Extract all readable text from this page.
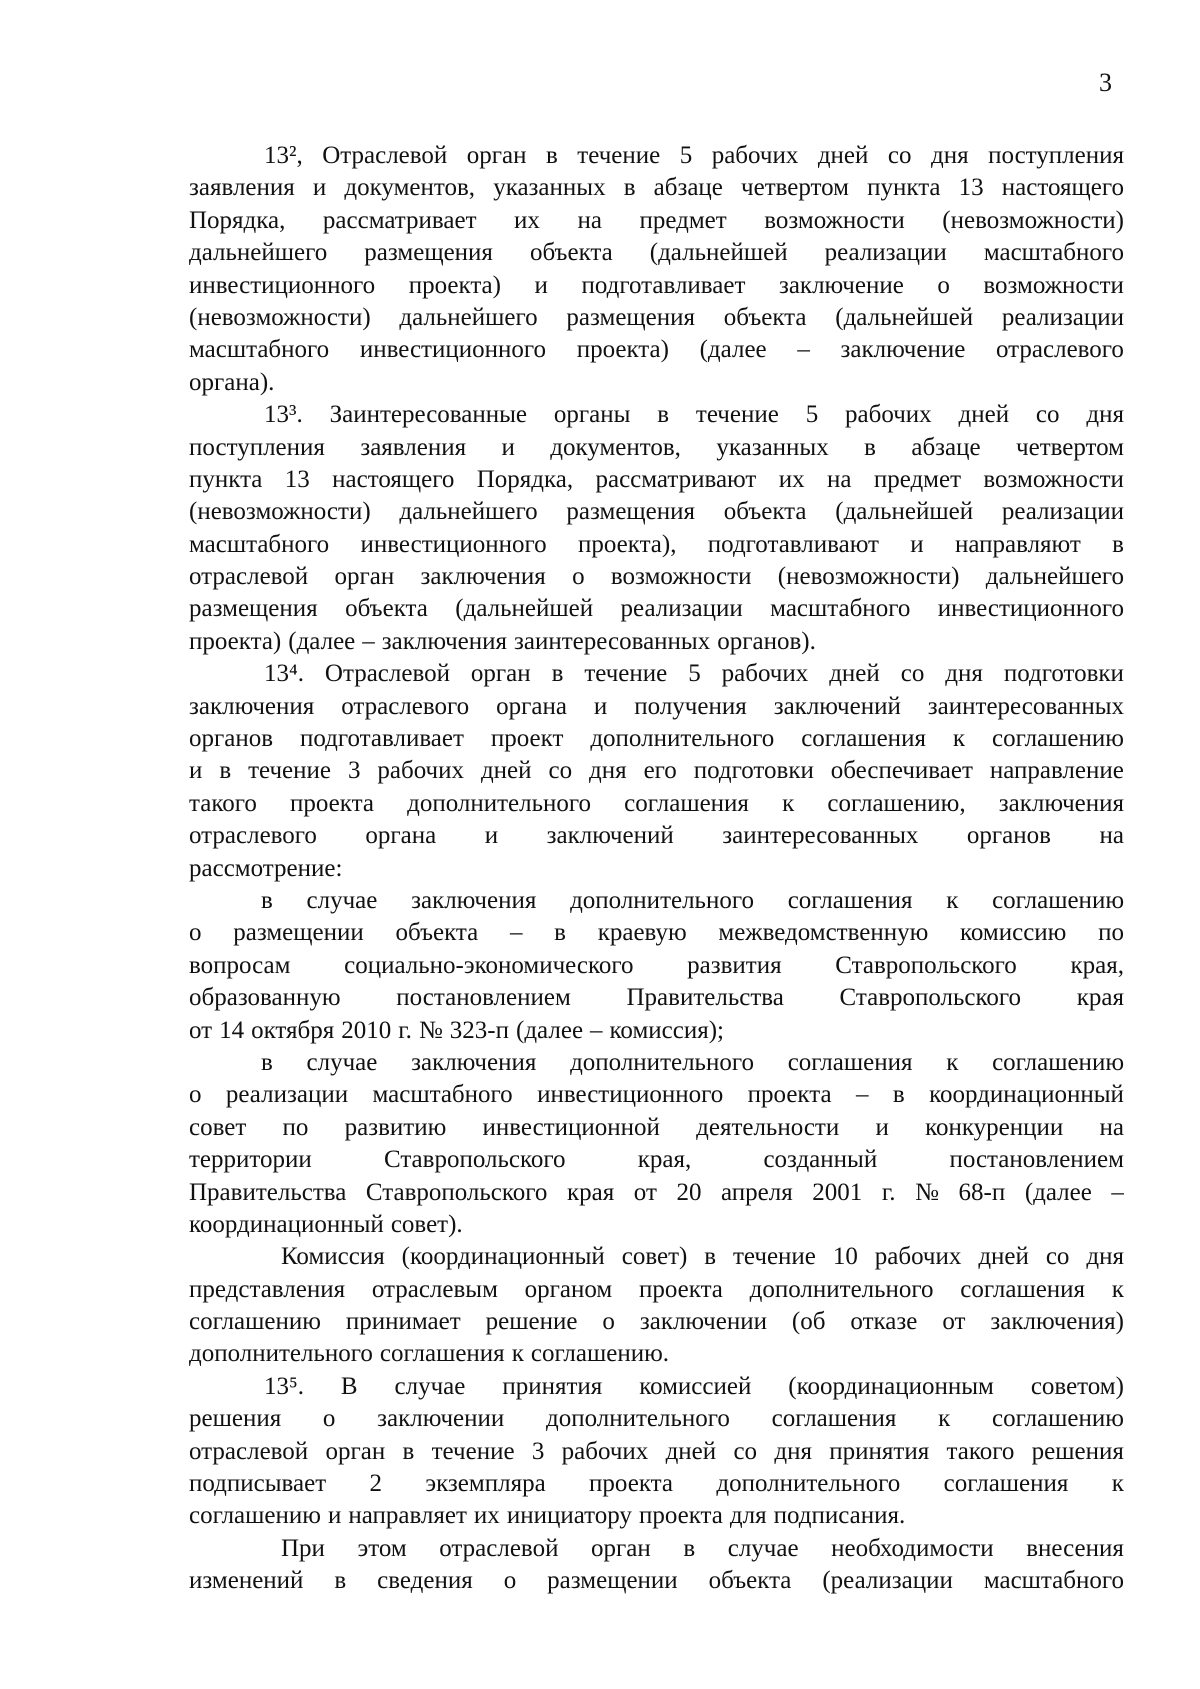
3
13², Отраслевой орган в течение 5 рабочих дней со дня поступления
заявления и документов, указанных в абзаце четвертом пункта 13 настоящего
Порядка, рассматривает их на предмет возможности (невозможности)
дальнейшего размещения объекта (дальнейшей реализации масштабного
инвестиционного проекта) и подготавливает заключение о возможности
(невозможности) дальнейшего размещения объекта (дальнейшей реализации
масштабного инвестиционного проекта) (далее – заключение отраслевого
органа).
13³. Заинтересованные органы в течение 5 рабочих дней со дня
поступления заявления и документов, указанных в абзаце четвертом
пункта 13 настоящего Порядка, рассматривают их на предмет возможности
(невозможности) дальнейшего размещения объекта (дальнейшей реализации
масштабного инвестиционного проекта), подготавливают и направляют в
отраслевой орган заключения о возможности (невозможности) дальнейшего
размещения объекта (дальнейшей реализации масштабного инвестиционного
проекта) (далее – заключения заинтересованных органов).
13⁴. Отраслевой орган в течение 5 рабочих дней со дня подготовки
заключения отраслевого органа и получения заключений заинтересованных
органов подготавливает проект дополнительного соглашения к соглашению
и в течение 3 рабочих дней со дня его подготовки обеспечивает направление
такого проекта дополнительного соглашения к соглашению, заключения
отраслевого органа и заключений заинтересованных органов на
рассмотрение:
в случае заключения дополнительного соглашения к соглашению
о размещении объекта – в краевую межведомственную комиссию по
вопросам социально-экономического развития Ставропольского края,
образованную постановлением Правительства Ставропольского края
от 14 октября 2010 г. № 323-п (далее – комиссия);
в случае заключения дополнительного соглашения к соглашению
о реализации масштабного инвестиционного проекта – в координационный
совет по развитию инвестиционной деятельности и конкуренции на
территории	Ставропольского	края,	созданный	постановлением
Правительства Ставропольского края от 20 апреля 2001 г. № 68-п (далее –
координационный совет).
Комиссия (координационный совет) в течение 10 рабочих дней со дня
представления отраслевым органом проекта дополнительного соглашения к
соглашению принимает решение о заключении (об отказе от заключения)
дополнительного соглашения к соглашению.
13⁵. В случае принятия комиссией (координационным советом)
решения о заключении дополнительного соглашения к соглашению
отраслевой орган в течение 3 рабочих дней со дня принятия такого решения
подписывает 2 экземпляра проекта дополнительного соглашения к
соглашению и направляет их инициатору проекта для подписания.
При этом отраслевой орган в случае необходимости внесения
изменений в сведения о размещении объекта (реализации масштабного
